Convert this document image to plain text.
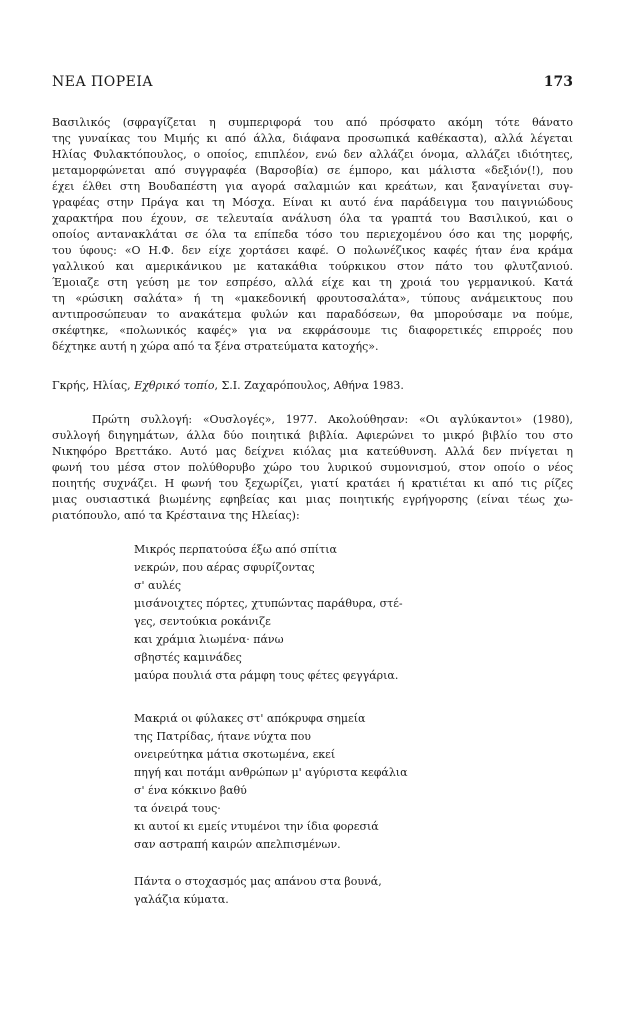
ΝΕΑ ΠΟΡΕΙΑ	173
Βασιλικός (σφραγίζεται η συμπεριφορά του από πρόσφατο ακόμη τότε θάνατο
της γυναίκας του Μιμής κι από άλλα, διάφανα προσωπικά καθέκαστα), αλλά λέγεται
Ηλίας Φυλακτόπουλος, ο οποίος, επιπλέον, ενώ δεν αλλάζει όνομα, αλλάζει ιδιότητες,
μεταμορφώνεται από συγγραφέα (Βαρσοβία) σε έμπορο, και μάλιστα «δεξιόν(!), που
έχει έλθει στη Βουδαπέστη για αγορά σαλαμιών και κρεάτων, και ξαναγίνεται συγ-
γραφέας στην Πράγα και τη Μόσχα. Είναι κι αυτό ένα παράδειγμα του παιγνιώδους
χαρακτήρα που έχουν, σε τελευταία ανάλυση όλα τα γραπτά του Βασιλικού, και ο
οποίος αντανακλάται σε όλα τα επίπεδα τόσο του περιεχομένου όσο και της μορφής,
του ύφους: «Ο Η.Φ. δεν είχε χορτάσει καφέ. Ο πολωνέζικος καφές ήταν ένα κράμα
γαλλικού και αμερικάνικου με κατακάθια τούρκικου στον πάτο του φλυτζανιού.
Έμοιαζε στη γεύση με τον εσπρέσο, αλλά είχε και τη χροιά του γερμανικού. Κατά
τη «ρώσικη σαλάτα» ή τη «μακεδονική φρουτοσαλάτα», τύπους ανάμεικτους που
αντιπροσώπευαν το ανακάτεμα φυλών και παραδόσεων, θα μπορούσαμε να πούμε,
σκέφτηκε, «πολωνικός καφές» για να εκφράσουμε τις διαφορετικές επιρροές που
δέχτηκε αυτή η χώρα από τα ξένα στρατεύματα κατοχής».
Γκρής, Ηλίας, Εχθρικό τοπίο, Σ.Ι. Ζαχαρόπουλος, Αθήνα 1983.
Πρώτη συλλογή: «Ουσλογές», 1977. Ακολούθησαν: «Οι αγλύκαντοι» (1980),
συλλογή διηγημάτων, άλλα δύο ποιητικά βιβλία. Αφιερώνει το μικρό βιβλίο του στο
Νικηφόρο Βρεττάκο. Αυτό μας δείχνει κιόλας μια κατεύθυνση. Αλλά δεν πνίγεται η
φωνή του μέσα στον πολύθορυβο χώρο του λυρικού συμονισμού, στον οποίο ο νέος
ποιητής συχνάζει. Η φωνή του ξεχωρίζει, γιατί κρατάει ή κρατιέται κι από τις ρίζες
μιας ουσιαστικά βιωμένης εφηβείας και μιας ποιητικής εγρήγορσης (είναι τέως χω-
ριατόπουλο, από τα Κρέσταινα της Ηλείας):
Μικρός περπατούσα έξω από σπίτια
νεκρών, που αέρας σφυρίζοντας
σ' αυλές
μισάνοιχτες πόρτες, χτυπώντας παράθυρα, στέ-
γες, σεντούκια ροκάνιζε
και χράμια λιωμένα· πάνω
σβηστές καμινάδες
μαύρα πουλιά στα ράμφη τους φέτες φεγγάρια.
Μακριά οι φύλακες στ' απόκρυφα σημεία
της Πατρίδας, ήτανε νύχτα που
ονειρεύτηκα μάτια σκοτωμένα, εκεί
πηγή και ποτάμι ανθρώπων μ' αγύριστα κεφάλια
σ' ένα κόκκινο βαθύ
τα όνειρά τους·
κι αυτοί κι εμείς ντυμένοι την ίδια φορεσιά
σαν αστραπή καιρών απελπισμένων.
Πάντα ο στοχασμός μας απάνου στα βουνά,
γαλάζια κύματα.
